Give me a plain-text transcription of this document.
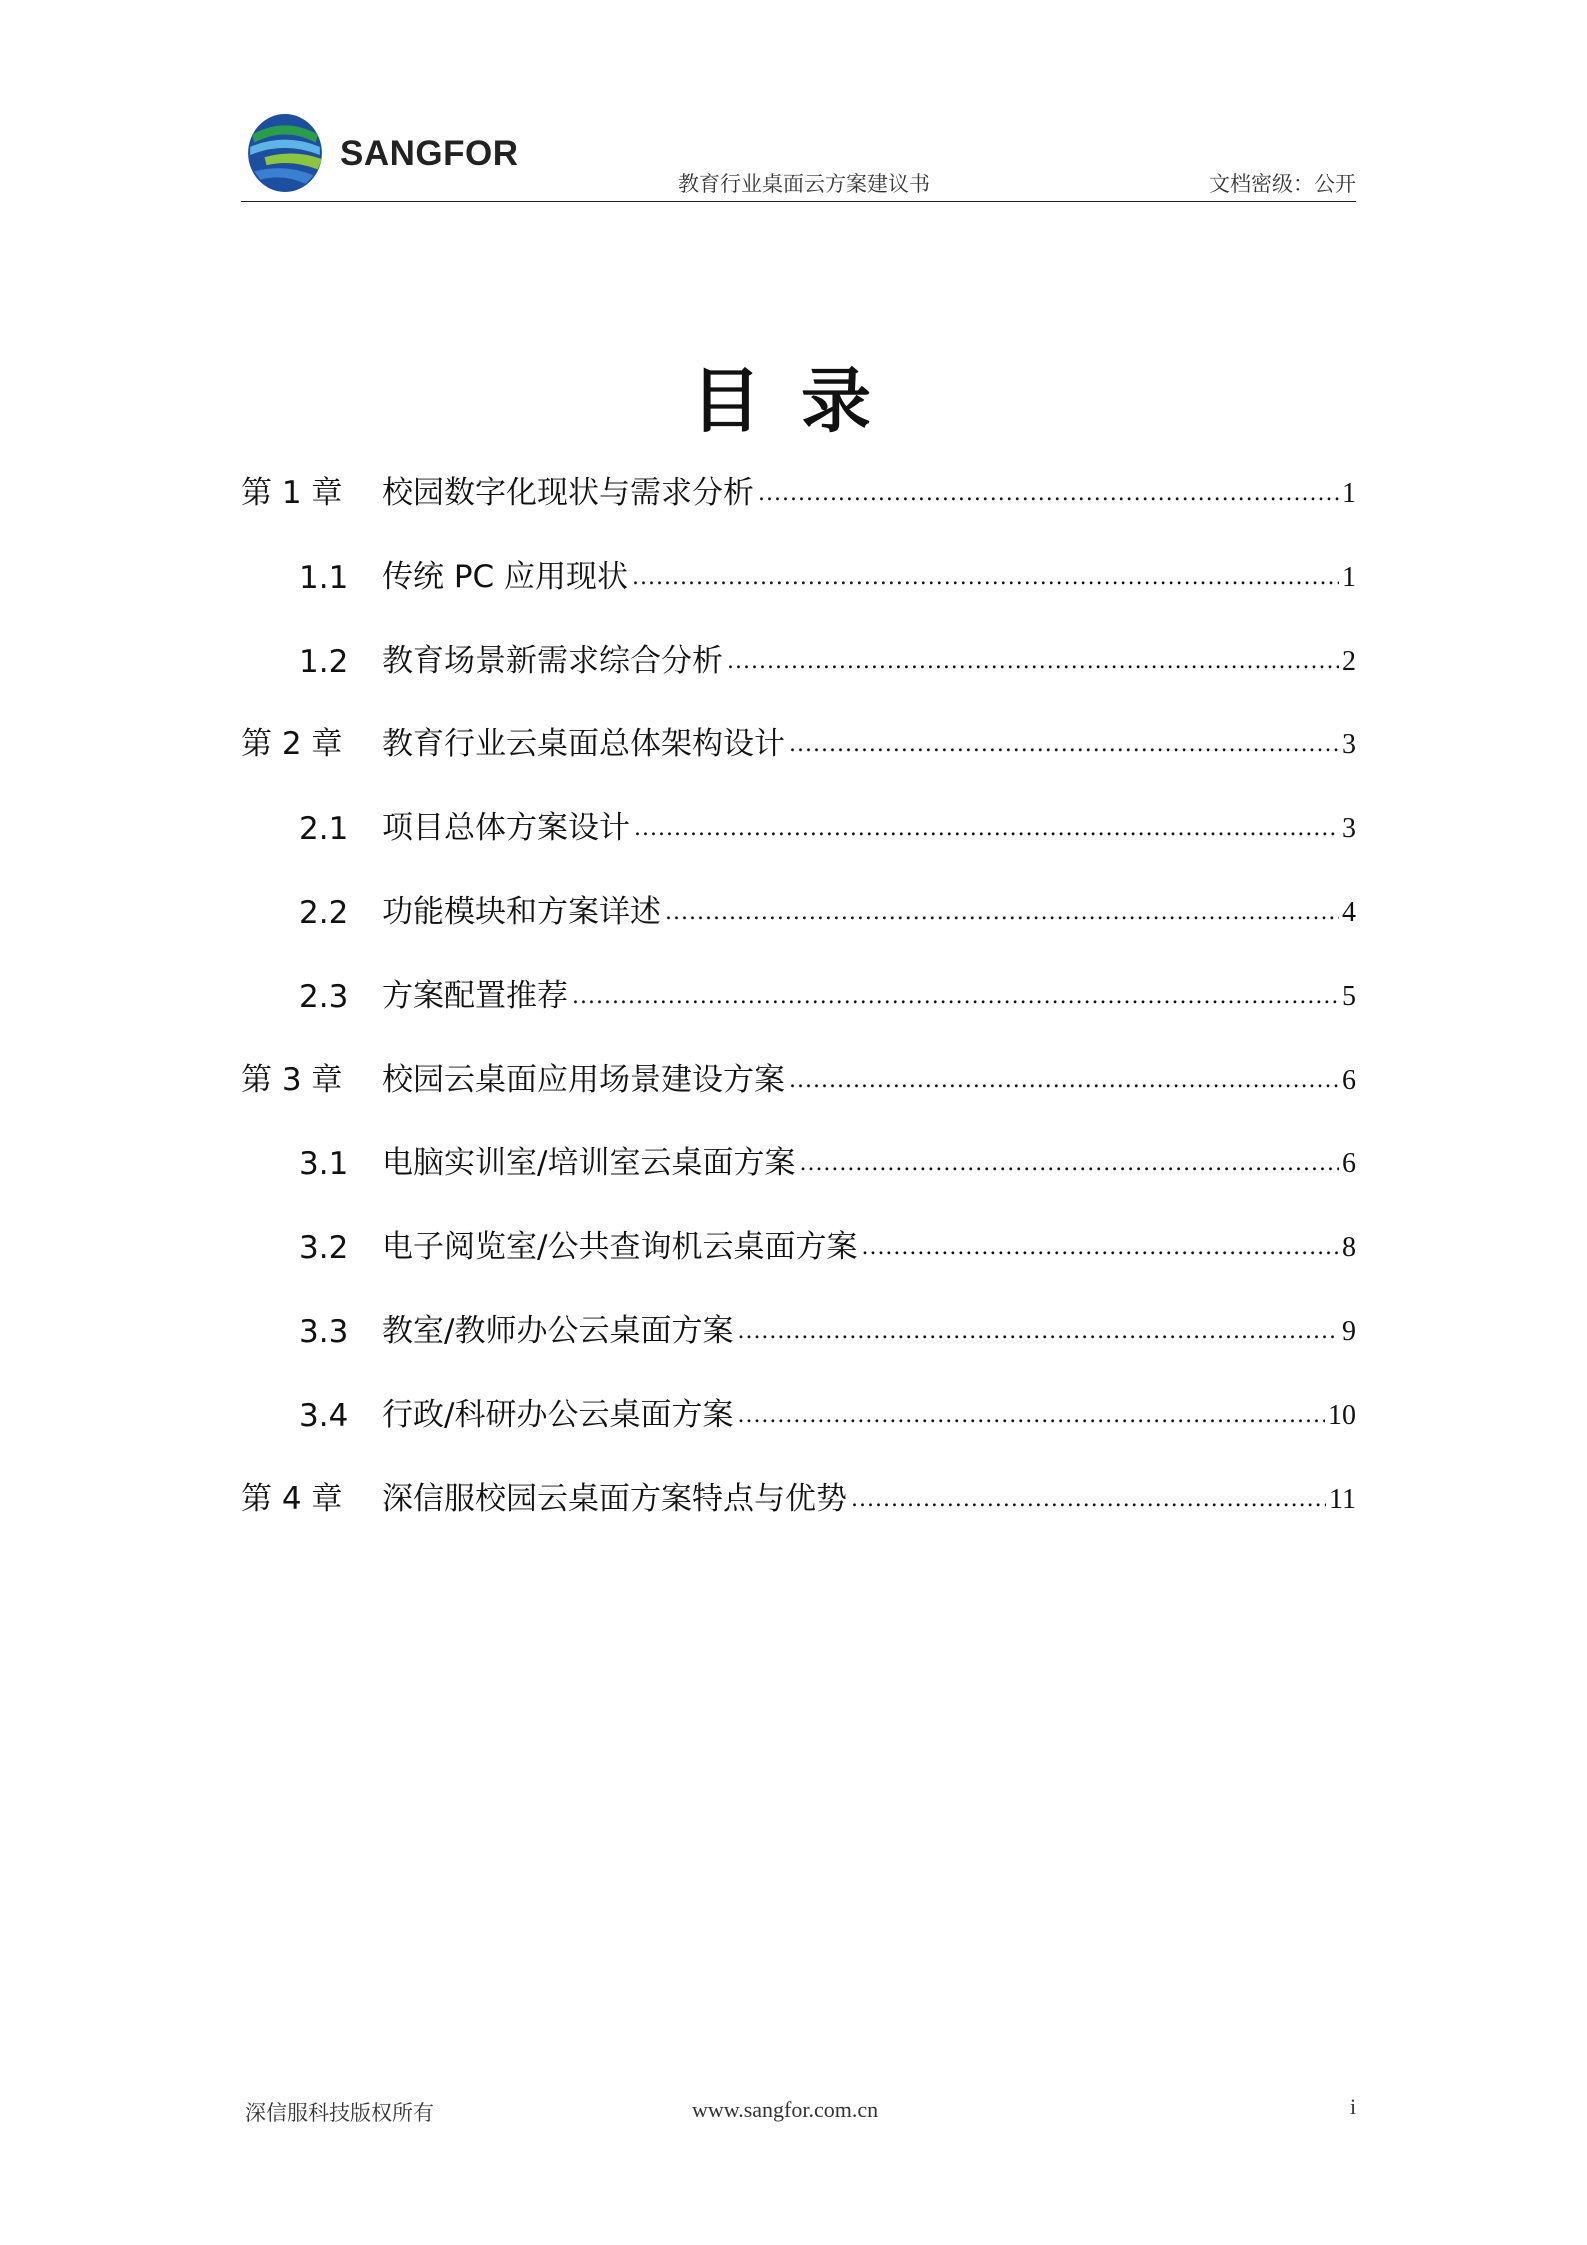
SANGFOR
教育行业桌面云方案建议书	文档密级：公开
目录
第 1 章	校园数字化现状与需求分析 .....	1
1.1	传统 PC 应用现状 .....	1
1.2	教育场景新需求综合分析 .....	2
第 2 章	教育行业云桌面总体架构设计 .....	3
2.1	项目总体方案设计 .....	3
2.2	功能模块和方案详述 .....	4
2.3	方案配置推荐 .....	5
第 3 章	校园云桌面应用场景建设方案 .....	6
3.1	电脑实训室/培训室云桌面方案 .....	6
3.2	电子阅览室/公共查询机云桌面方案 .....	8
3.3	教室/教师办公云桌面方案 .....	9
3.4	行政/科研办公云桌面方案 .....	10
第 4 章	深信服校园云桌面方案特点与优势 .....	11
深信服科技版权所有	www.sangfor.com.cn	i
